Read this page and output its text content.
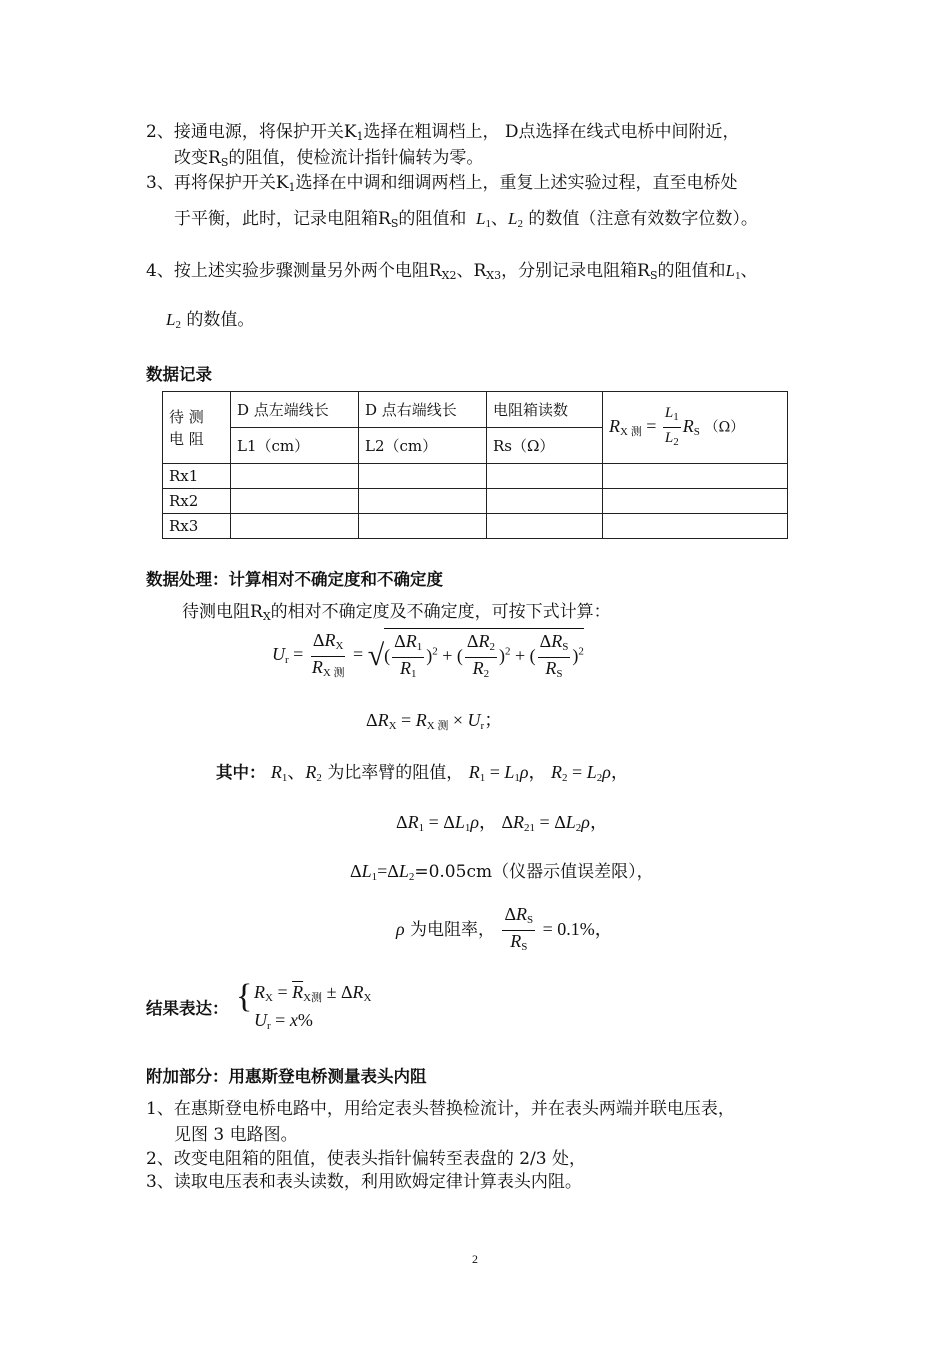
2、接通电源，将保护开关$K_1$选择在粗调档上， D点选择在线式电桥中间附近，
改变$R_S$的阻值，使检流计指针偏转为零。
3、再将保护开关$K_1$选择在中调和细调两档上，重复上述实验过程，直至电桥处
于平衡，此时，记录电阻箱$R_S$的阻值和  $L_1$、$L_2$ 的数值（注意有效数字位数）。
4、按上述实验步骤测量另外两个电阻$R_{X2}$、$R_{X3}$，分别记录电阻箱$R_S$的阻值和$L_1$、
$L_2$ 的数值。
数据记录
待 测
电 阻	D 点左端线长	D 点右端线长	电阻箱读数	$R_{X 测} = \frac{L_1}{L_2} R_S$ （Ω）
	L1（cm）	L2（cm）	Rs（Ω）	
Rx1				
Rx2				
Rx3				
数据处理：计算相对不确定度和不确定度
待测电阻$R_X$的相对不确定度及不确定度，可按下式计算：
$U_r = \frac{\Delta R_X}{R_{X 测}}$ = √( $\frac{\Delta R_1}{R_1} )^2$ + ( $\frac{\Delta R_2}{R_2} )^2$ + ( $\frac{\Delta R_S}{R_S} )^2$
$\Delta R_X = R_{X 测} \times U_r$；
其中： $R_1$、$R_2$ 为比率臂的阻值， $R_1 = L_1\rho$， $R_2 = L_2\rho$，
$\Delta R_1 = \Delta L_1\rho$， $\Delta R_{21} = \Delta L_2\rho$，
$\Delta L_1=\Delta L_2=0.05cm$（仪器示值误差限），
ρ 为电阻率， $\frac{\Delta R_S}{R_S} = 0.1\%$，
结果表达： { $R_X = \overline{R}_{X测} \pm \Delta R_X$
$U_r = x\%$
附加部分：用惠斯登电桥测量表头内阻
1、在惠斯登电桥电路中，用给定表头替换检流计，并在表头两端并联电压表，
见图 3 电路图。
2、改变电阻箱的阻值，使表头指针偏转至表盘的 2/3 处，
3、读取电压表和表头读数，利用欧姆定律计算表头内阻。
2
